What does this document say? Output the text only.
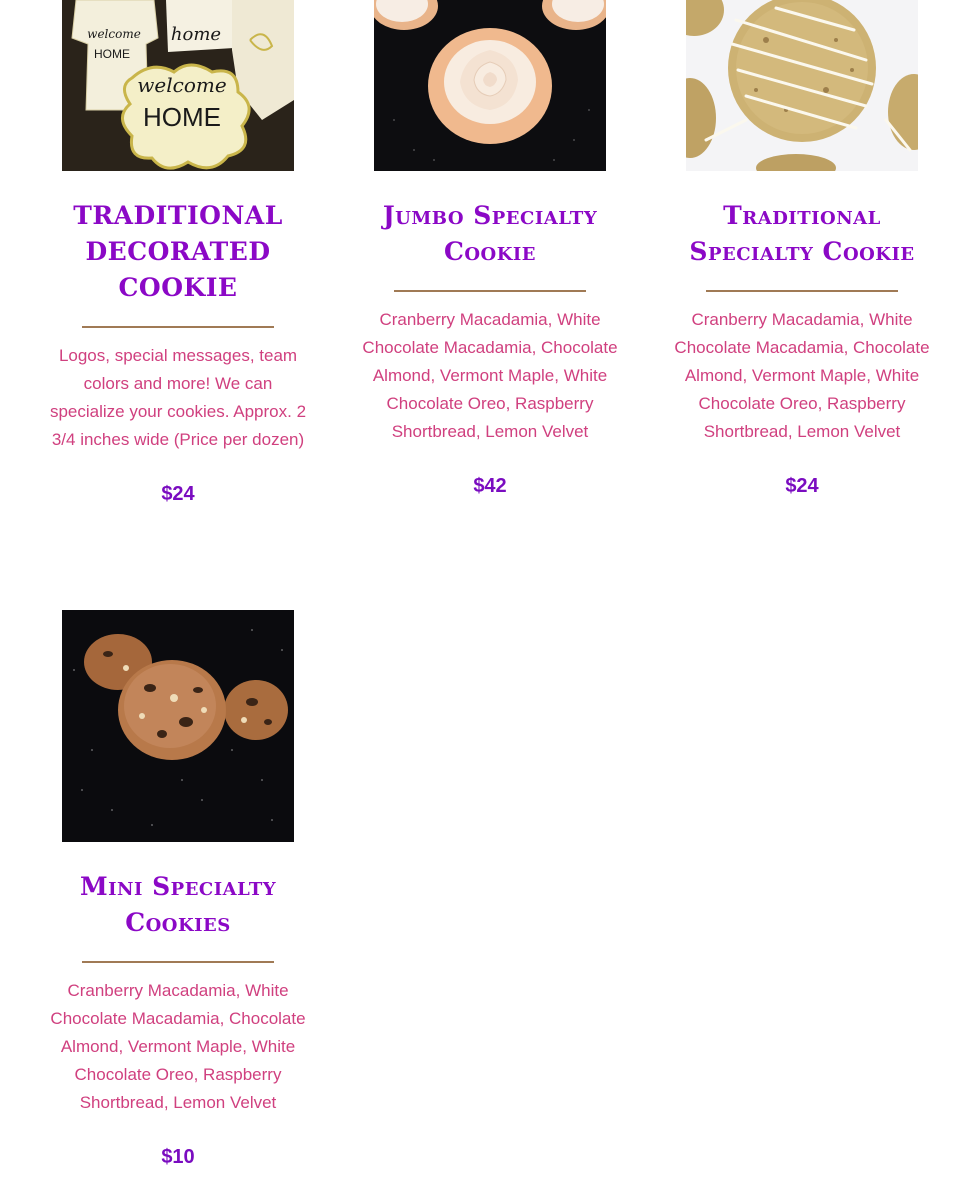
welcome
HOME
welcome
HOME
home
TRADITIONAL DECORATED COOKIE

Logos, special messages, team colors and more! We can specialize your cookies. Approx. 2 3/4 inches wide (Price per dozen)

$24
Jumbo Specialty Cookie

Cranberry Macadamia, White Chocolate Macadamia, Chocolate Almond, Vermont Maple, White Chocolate Oreo, Raspberry Shortbread, Lemon Velvet

$42
Traditional Specialty Cookie

Cranberry Macadamia, White Chocolate Macadamia, Chocolate Almond, Vermont Maple, White Chocolate Oreo, Raspberry Shortbread, Lemon Velvet

$24
Mini Specialty Cookies

Cranberry Macadamia, White Chocolate Macadamia, Chocolate Almond, Vermont Maple, White Chocolate Oreo, Raspberry Shortbread, Lemon Velvet

$10
